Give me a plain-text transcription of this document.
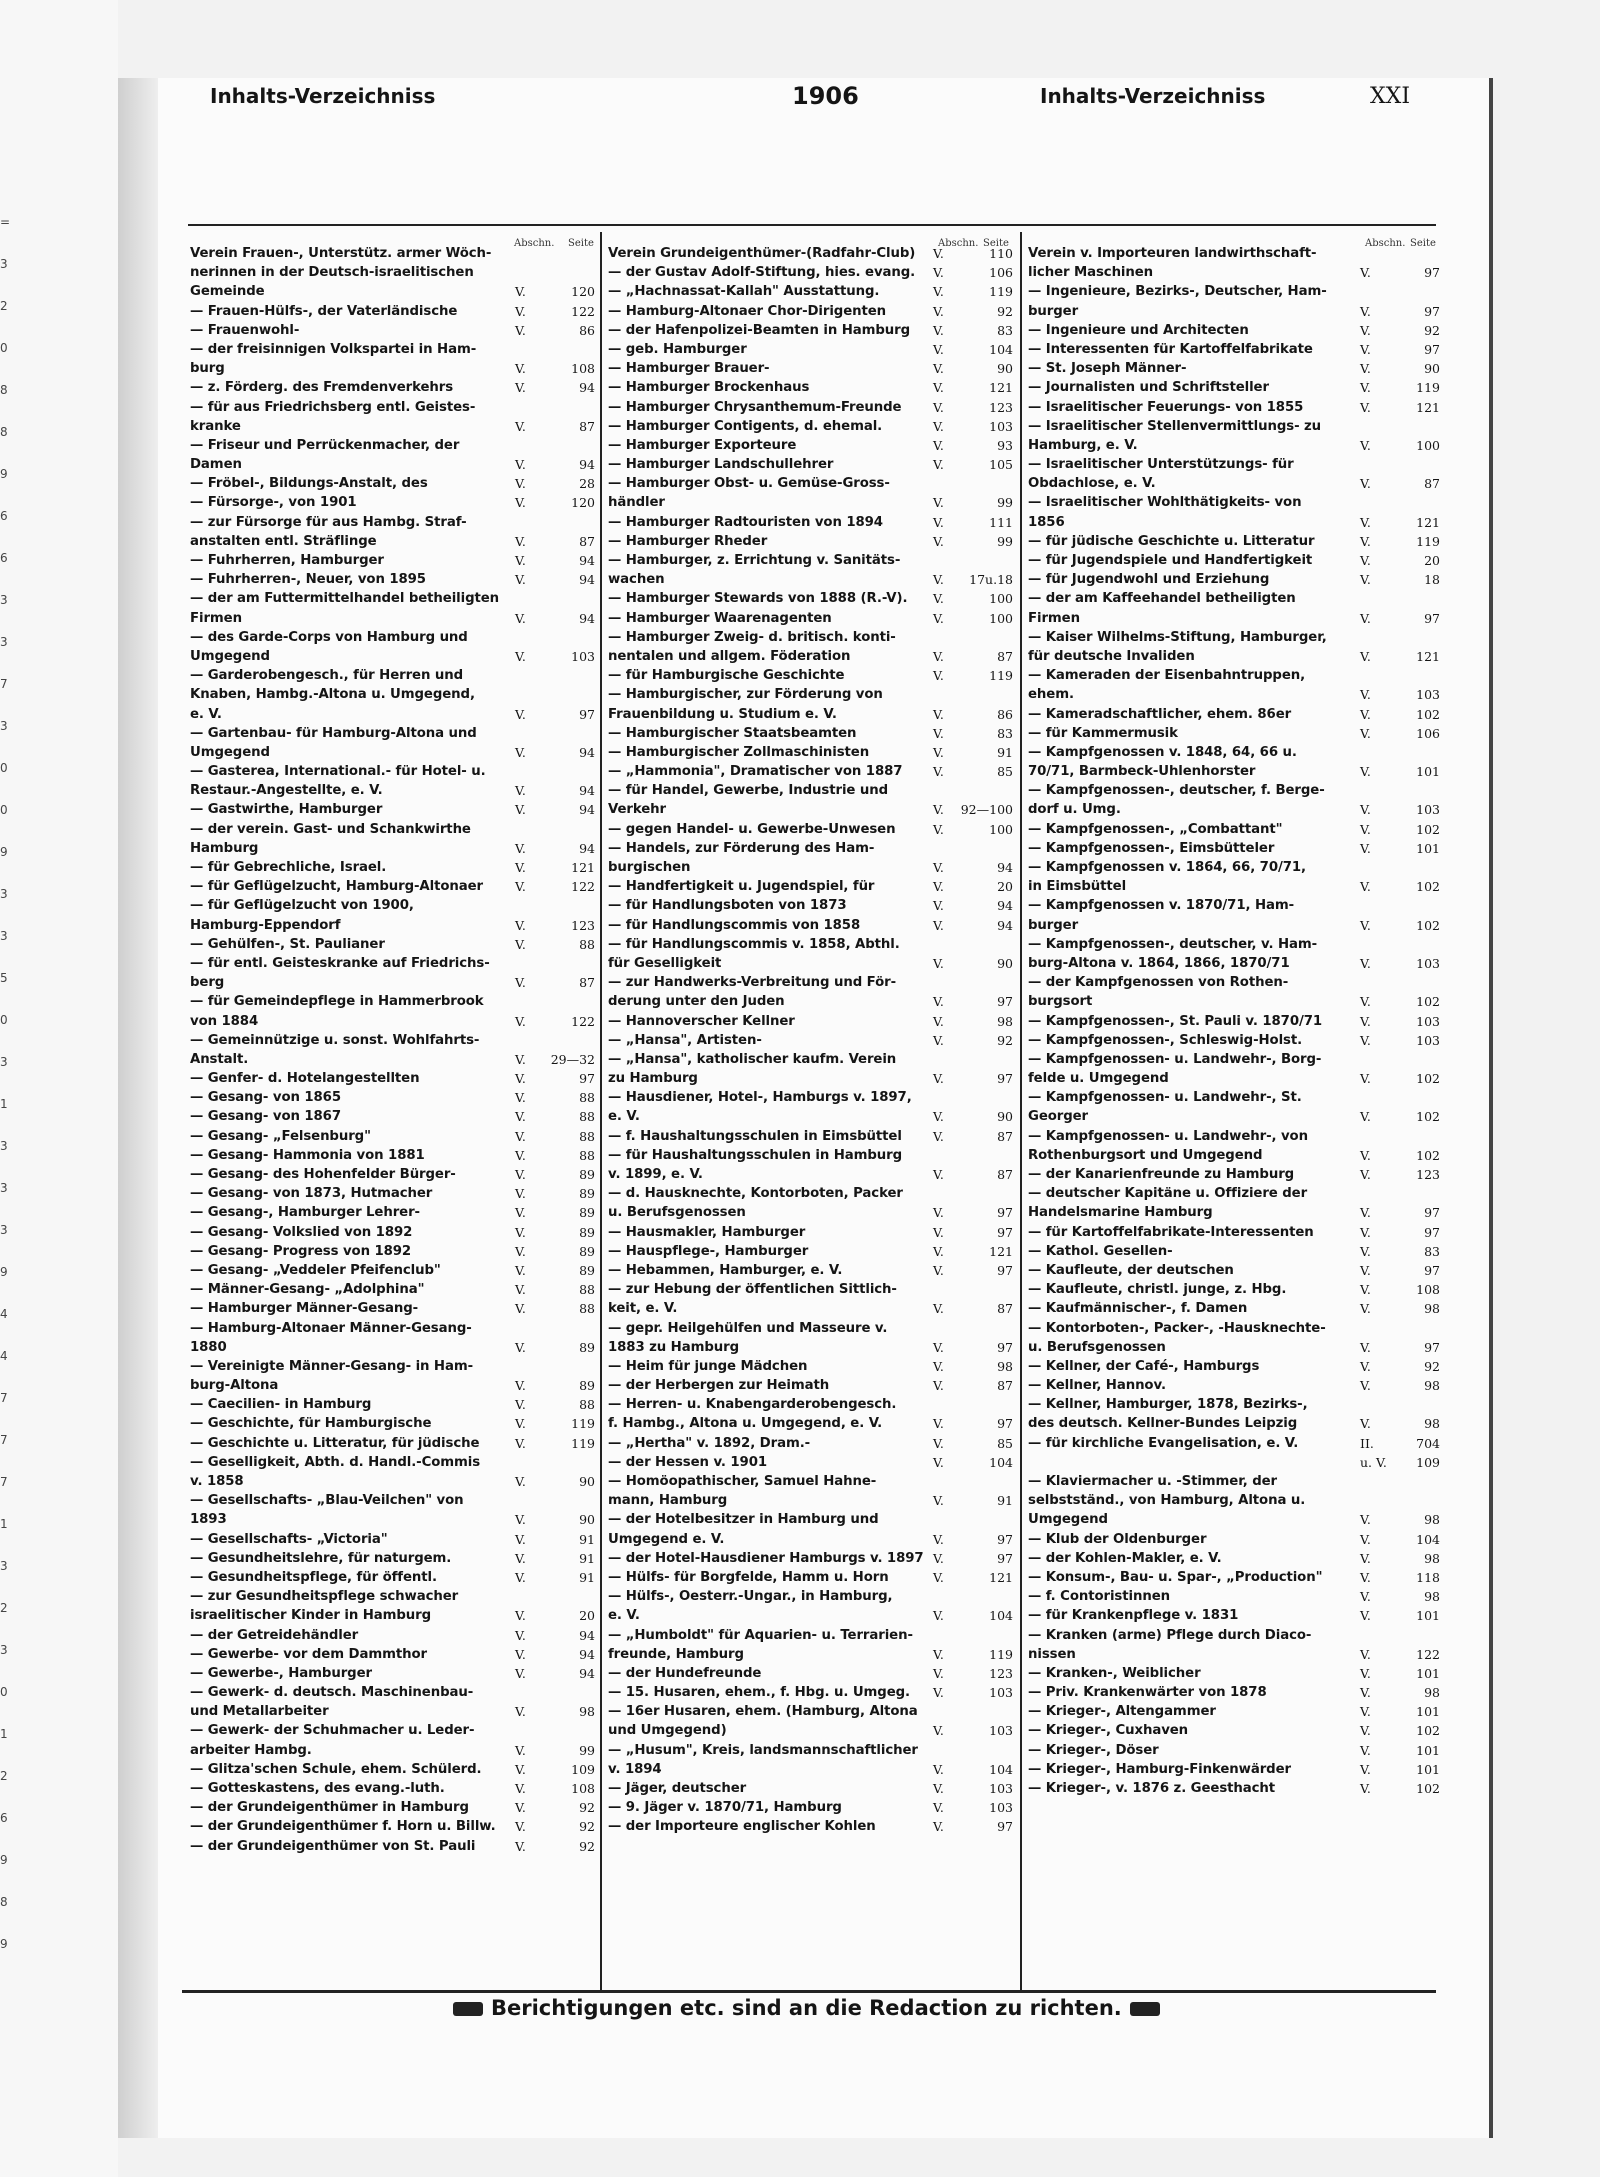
=
3
2
0
8
8
9
6
6
3
3
7
3
0
0
9
3
3
5
0
3
1
3
3
3
9
4
4
7
7
7
1
3
2
3
0
1
2
6
9
8
9
Inhalts-Verzeichniss	1906	Inhalts-Verzeichniss	XXI
Abschn. Seite	Abschn. Seite	Abschn. Seite
Verein Frauen-, Unterstütz. armer Wöch-
nerinnen in der Deutsch-israelitischen
Gemeinde	V.	120
— Frauen-Hülfs-, der Vaterländische	V.	122
— Frauenwohl-	V.	86
— der freisinnigen Volkspartei in Ham-
burg	V.	108
— z. Förderg. des Fremdenverkehrs	V.	94
— für aus Friedrichsberg entl. Geistes-
kranke	V.	87
— Friseur und Perrückenmacher, der
Damen	V.	94
— Fröbel-, Bildungs-Anstalt, des	V.	28
— Fürsorge-, von 1901	V.	120
— zur Fürsorge für aus Hambg. Straf-
anstalten entl. Sträflinge	V.	87
— Fuhrherren, Hamburger	V.	94
— Fuhrherren-, Neuer, von 1895	V.	94
— der am Futtermittelhandel betheiligten
Firmen	V.	94
— des Garde-Corps von Hamburg und
Umgegend	V.	103
— Garderobengesch., für Herren und
Knaben, Hambg.-Altona u. Umgegend,
e. V.	V.	97
— Gartenbau- für Hamburg-Altona und
Umgegend	V.	94
— Gasterea, International.- für Hotel- u.
Restaur.-Angestellte, e. V.	V.	94
— Gastwirthe, Hamburger	V.	94
— der verein. Gast- und Schankwirthe
Hamburg	V.	94
— für Gebrechliche, Israel.	V.	121
— für Geflügelzucht, Hamburg-Altonaer	V.	122
— für Geflügelzucht von 1900,
Hamburg-Eppendorf	V.	123
— Gehülfen-, St. Paulianer	V.	88
— für entl. Geisteskranke auf Friedrichs-
berg	V.	87
— für Gemeindepflege in Hammerbrook
von 1884	V.	122
— Gemeinnützige u. sonst. Wohlfahrts-
Anstalt.	V. 29—32
— Genfer- d. Hotelangestellten	V.	97
— Gesang- von 1865	V.	88
— Gesang- von 1867	V.	88
— Gesang- „Felsenburg"	V.	88
— Gesang- Hammonia von 1881	V.	88
— Gesang- des Hohenfelder Bürger-	V.	89
— Gesang- von 1873, Hutmacher	V.	89
— Gesang-, Hamburger Lehrer-	V.	89
— Gesang- Volkslied von 1892	V.	89
— Gesang- Progress von 1892	V.	89
— Gesang- „Veddeler Pfeifenclub"	V.	89
— Männer-Gesang- „Adolphina"	V.	88
— Hamburger Männer-Gesang-	V.	88
— Hamburg-Altonaer Männer-Gesang-
1880	V.	89
— Vereinigte Männer-Gesang- in Ham-
burg-Altona	V.	89
— Caecilien- in Hamburg	V.	88
— Geschichte, für Hamburgische	V.	119
— Geschichte u. Litteratur, für jüdische	V.	119
— Geselligkeit, Abth. d. Handl.-Commis
v. 1858	V.	90
— Gesellschafts- „Blau-Veilchen" von
1893	V.	90
— Gesellschafts- „Victoria"	V.	91
— Gesundheitslehre, für naturgem.	V.	91
— Gesundheitspflege, für öffentl.	V.	91
— zur Gesundheitspflege schwacher
israelitischer Kinder in Hamburg	V.	20
— der Getreidehändler	V.	94
— Gewerbe- vor dem Dammthor	V.	94
— Gewerbe-, Hamburger	V.	94
— Gewerk- d. deutsch. Maschinenbau-
und Metallarbeiter	V.	98
— Gewerk- der Schuhmacher u. Leder-
arbeiter Hambg.	V.	99
— Glitza'schen Schule, ehem. Schülerd.	V.	109
— Gotteskastens, des evang.-luth.	V.	108
— der Grundeigenthümer in Hamburg	V.	92
— der Grundeigenthümer f. Horn u. Billw.	V.	92
— der Grundeigenthümer von St. Pauli	V.	92
Verein Grundeigenthümer-(Radfahr-Club)	V.	110
— der Gustav Adolf-Stiftung, hies. evang.	V.	106
— „Hachnassat-Kallah" Ausstattung.	V.	119
— Hamburg-Altonaer Chor-Dirigenten	V.	92
— der Hafenpolizei-Beamten in Hamburg	V.	83
— geb. Hamburger	V.	104
— Hamburger Brauer-	V.	90
— Hamburger Brockenhaus	V.	121
— Hamburger Chrysanthemum-Freunde	V.	123
— Hamburger Contigents, d. ehemal.	V.	103
— Hamburger Exporteure	V.	93
— Hamburger Landschullehrer	V.	105
— Hamburger Obst- u. Gemüse-Gross-
händler	V.	99
— Hamburger Radtouristen von 1894	V.	111
— Hamburger Rheder	V.	99
— Hamburger, z. Errichtung v. Sanitäts-
wachen	V. 17u.18
— Hamburger Stewards von 1888 (R.-V).	V.	100
— Hamburger Waarenagenten	V.	100
— Hamburger Zweig- d. britisch. konti-
nentalen und allgem. Föderation	V.	87
— für Hamburgische Geschichte	V.	119
— Hamburgischer, zur Förderung von
Frauenbildung u. Studium e. V.	V.	86
— Hamburgischer Staatsbeamten	V.	83
— Hamburgischer Zollmaschinisten	V.	91
— „Hammonia", Dramatischer von 1887	V.	85
— für Handel, Gewerbe, Industrie und
Verkehr	V. 92—100
— gegen Handel- u. Gewerbe-Unwesen	V.	100
— Handels, zur Förderung des Ham-
burgischen	V.	94
— Handfertigkeit u. Jugendspiel, für	V.	20
— für Handlungsboten von 1873	V.	94
— für Handlungscommis von 1858	V.	94
— für Handlungscommis v. 1858, Abthl.
für Geselligkeit	V.	90
— zur Handwerks-Verbreitung und För-
derung unter den Juden	V.	97
— Hannoverscher Kellner	V.	98
— „Hansa", Artisten-	V.	92
— „Hansa", katholischer kaufm. Verein
zu Hamburg	V.	97
— Hausdiener, Hotel-, Hamburgs v. 1897,
e. V.	V.	90
— f. Haushaltungsschulen in Eimsbüttel	V.	87
— für Haushaltungsschulen in Hamburg
v. 1899, e. V.	V.	87
— d. Hausknechte, Kontorboten, Packer
u. Berufsgenossen	V.	97
— Hausmakler, Hamburger	V.	97
— Hauspflege-, Hamburger	V.	121
— Hebammen, Hamburger, e. V.	V.	97
— zur Hebung der öffentlichen Sittlich-
keit, e. V.	V.	87
— gepr. Heilgehülfen und Masseure v.
1883 zu Hamburg	V.	97
— Heim für junge Mädchen	V.	98
— der Herbergen zur Heimath	V.	87
— Herren- u. Knabengarderobengesch.
f. Hambg., Altona u. Umgegend, e. V.	V.	97
— „Hertha" v. 1892, Dram.-	V.	85
— der Hessen v. 1901	V.	104
— Homöopathischer, Samuel Hahne-
mann, Hamburg	V.	91
— der Hotelbesitzer in Hamburg und
Umgegend e. V.	V.	97
— der Hotel-Hausdiener Hamburgs v. 1897 V.	97
— Hülfs- für Borgfelde, Hamm u. Horn	V.	121
— Hülfs-, Oesterr.-Ungar., in Hamburg,
e. V.	V.	104
— „Humboldt" für Aquarien- u. Terrarien-
freunde, Hamburg	V.	119
— der Hundefreunde	V.	123
— 15. Husaren, ehem., f. Hbg. u. Umgeg.	V.	103
— 16er Husaren, ehem. (Hamburg, Altona
und Umgegend)	V.	103
— „Husum", Kreis, landsmannschaftlicher
v. 1894	V.	104
— Jäger, deutscher	V.	103
— 9. Jäger v. 1870/71, Hamburg	V.	103
— der Importeure englischer Kohlen	V.	97
Verein v. Importeuren landwirthschaft-
licher Maschinen	V.	97
— Ingenieure, Bezirks-, Deutscher, Ham-
burger	V.	97
— Ingenieure und Architecten	V.	92
— Interessenten für Kartoffelfabrikate	V.	97
— St. Joseph Männer-	V.	90
— Journalisten und Schriftsteller	V.	119
— Israelitischer Feuerungs- von 1855	V.	121
— Israelitischer Stellenvermittlungs- zu
Hamburg, e. V.	V.	100
— Israelitischer Unterstützungs- für
Obdachlose, e. V.	V.	87
— Israelitischer Wohlthätigkeits- von
1856	V.	121
— für jüdische Geschichte u. Litteratur	V.	119
— für Jugendspiele und Handfertigkeit	V.	20
— für Jugendwohl und Erziehung	V.	18
— der am Kaffeehandel betheiligten
Firmen	V.	97
— Kaiser Wilhelms-Stiftung, Hamburger,
für deutsche Invaliden	V.	121
— Kameraden der Eisenbahntruppen,
ehem.	V.	103
— Kameradschaftlicher, ehem. 86er	V.	102
— für Kammermusik	V.	106
— Kampfgenossen v. 1848, 64, 66 u.
70/71, Barmbeck-Uhlenhorster	V.	101
— Kampfgenossen-, deutscher, f. Berge-
dorf u. Umg.	V.	103
— Kampfgenossen-, „Combattant"	V.	102
— Kampfgenossen-, Eimsbütteler	V.	101
— Kampfgenossen v. 1864, 66, 70/71,
in Eimsbüttel	V.	102
— Kampfgenossen v. 1870/71, Ham-
burger	V.	102
— Kampfgenossen-, deutscher, v. Ham-
burg-Altona v. 1864, 1866, 1870/71	V.	103
— der Kampfgenossen von Rothen-
burgsort	V.	102
— Kampfgenossen-, St. Pauli v. 1870/71	V.	103
— Kampfgenossen-, Schleswig-Holst.	V.	103
— Kampfgenossen- u. Landwehr-, Borg-
felde u. Umgegend	V.	102
— Kampfgenossen- u. Landwehr-, St.
Georger	V.	102
— Kampfgenossen- u. Landwehr-, von
Rothenburgsort und Umgegend	V.	102
— der Kanarienfreunde zu Hamburg	V.	123
— deutscher Kapitäne u. Offiziere der
Handelsmarine Hamburg	V.	97
— für Kartoffelfabrikate-Interessenten	V.	97
— Kathol. Gesellen-	V.	83
— Kaufleute, der deutschen	V.	97
— Kaufleute, christl. junge, z. Hbg.	V.	108
— Kaufmännischer-, f. Damen	V.	98
— Kontorboten-, Packer-, -Hausknechte-
u. Berufsgenossen	V.	97
— Kellner, der Café-, Hamburgs	V.	92
— Kellner, Hannov.	V.	98
— Kellner, Hamburger, 1878, Bezirks-,
des deutsch. Kellner-Bundes Leipzig	V.	98
— für kirchliche Evangelisation, e. V.	II.	704
u. V. 109
— Klaviermacher u. -Stimmer, der
selbstständ., von Hamburg, Altona u.
Umgegend	V.	98
— Klub der Oldenburger	V.	104
— der Kohlen-Makler, e. V.	V.	98
— Konsum-, Bau- u. Spar-, „Production"	V.	118
— f. Contoristinnen	V.	98
— für Krankenpflege v. 1831	V.	101
— Kranken (arme) Pflege durch Diaco-
nissen	V.	122
— Kranken-, Weiblicher	V.	101
— Priv. Krankenwärter von 1878	V.	98
— Krieger-, Altengammer	V.	101
— Krieger-, Cuxhaven	V.	102
— Krieger-, Döser	V.	101
— Krieger-, Hamburg-Finkenwärder	V.	101
— Krieger-, v. 1876 z. Geesthacht	V.	102
Berichtigungen etc. sind an die Redaction zu richten.
